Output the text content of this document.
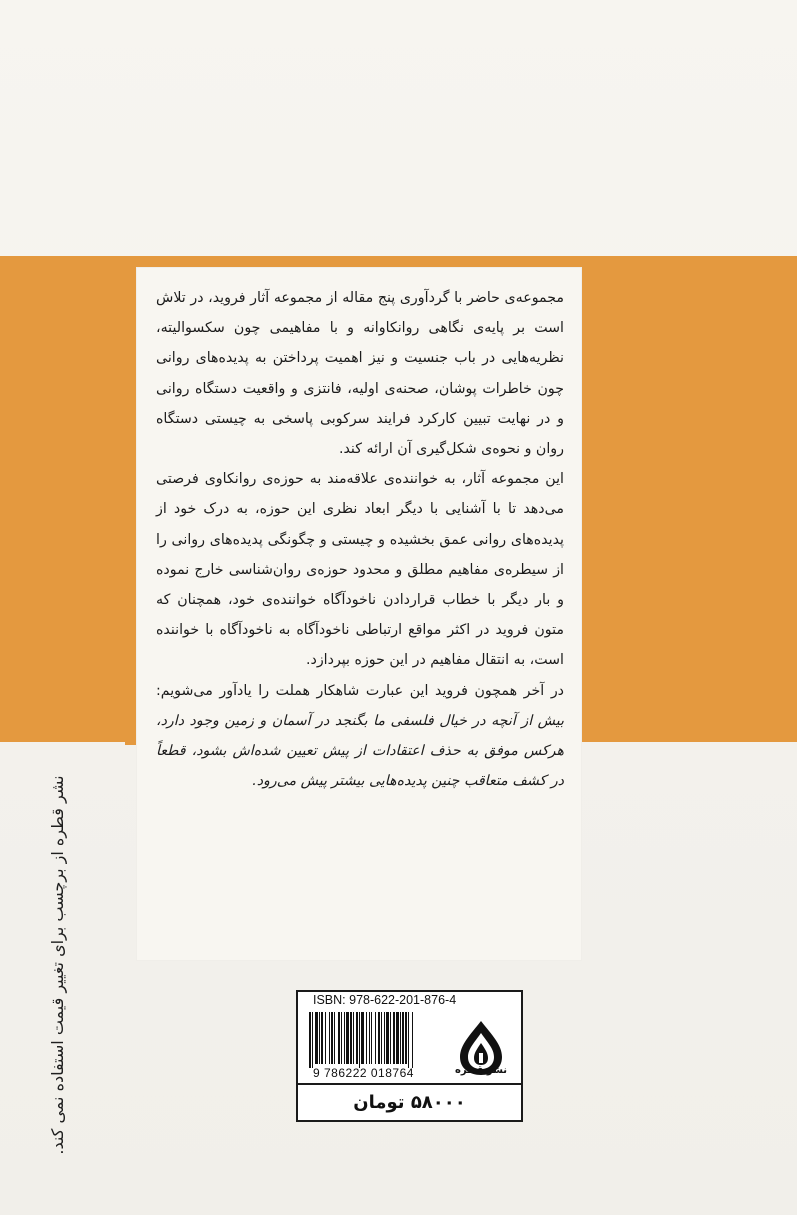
مجموعه‌ی حاضر با گردآوری پنج مقاله از مجموعه آثار فروید، در تلاش است بر پایه‌ی نگاهی روانکاوانه و با مفاهیمی چون سکسوالیته، نظریه‌هایی در باب جنسیت و نیز اهمیت پرداختن به پدیده‌های روانی چون خاطرات پوشان، صحنه‌ی اولیه، فانتزی و واقعیت دستگاه روانی و در نهایت تبیین کارکرد فرایند سرکوبی پاسخی به چیستی دستگاه روان و نحوه‌ی شکل‌گیری آن ارائه کند.

این مجموعه آثار، به خواننده‌ی علاقه‌مند به حوزه‌ی روانکاوی فرصتی می‌دهد تا با آشنایی با دیگر ابعاد نظری این حوزه، به درک خود از پدیده‌های روانی عمق بخشیده و چیستی و چگونگی پدیده‌های روانی را از سیطره‌ی مفاهیم مطلق و محدود حوزه‌ی روان‌شناسی خارج نموده و بار دیگر با خطاب قراردادن ناخودآگاه خواننده‌ی خود، همچنان که متون فروید در اکثر مواقع ارتباطی ناخودآگاه به ناخودآگاه با خواننده است، به انتقال مفاهیم در این حوزه بپردازد.

در آخر همچون فروید این عبارت شاهکار هملت را یادآور می‌شویم: بیش از آنچه در خیال فلسفی ما بگنجد در آسمان و زمین وجود دارد، هرکس موفق به حذف اعتقادات از پیش تعیین شده‌اش بشود، قطعاً در کشف متعاقب چنین پدیده‌هایی بیشتر پیش می‌رود.

نشر قطره از برچسب برای تغییر قیمت استفاده نمی کند.	ISBN: 978-622-201-876-4
9 786222 018764	نشر قطره
۵۸۰۰۰ تومان
